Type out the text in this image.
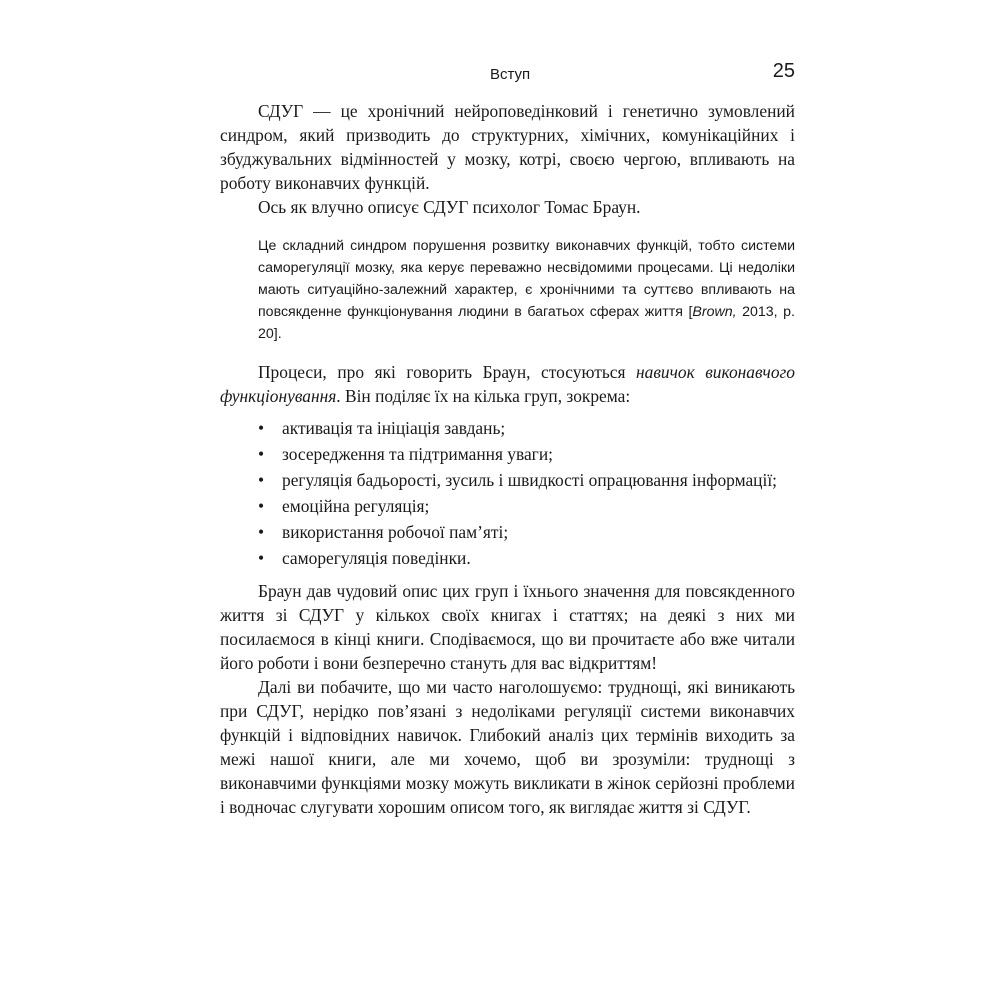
Вступ	25

СДУГ — це хронічний нейроповедінковий і генетично зумовлений синдром, який призводить до структурних, хімічних, комунікаційних і збуджувальних відмінностей у мозку, котрі, своєю чергою, впливають на роботу виконавчих функцій.

Ось як влучно описує СДУГ психолог Томас Браун.

Це складний синдром порушення розвитку виконавчих функцій, тобто системи саморегуляції мозку, яка керує переважно несвідомими процесами. Ці недоліки мають ситуаційно-залежний характер, є хронічними та суттєво впливають на повсякденне функціонування людини в багатьох сферах життя [Brown, 2013, p. 20].

Процеси, про які говорить Браун, стосуються навичок виконавчого функціонування. Він поділяє їх на кілька груп, зокрема:

• активація та ініціація завдань;
• зосередження та підтримання уваги;
• регуляція бадьорості, зусиль і швидкості опрацювання інформації;
• емоційна регуляція;
• використання робочої пам’яті;
• саморегуляція поведінки.

Браун дав чудовий опис цих груп і їхнього значення для повсякденного життя зі СДУГ у кількох своїх книгах і статтях; на деякі з них ми посилаємося в кінці книги. Сподіваємося, що ви прочитаєте або вже читали його роботи і вони безперечно стануть для вас відкриттям!

Далі ви побачите, що ми часто наголошуємо: труднощі, які виникають при СДУГ, нерідко пов’язані з недоліками регуляції системи виконавчих функцій і відповідних навичок. Глибокий аналіз цих термінів виходить за межі нашої книги, але ми хочемо, щоб ви зрозуміли: труднощі з виконавчими функціями мозку можуть викликати в жінок серйозні проблеми і водночас слугувати хорошим описом того, як виглядає життя зі СДУГ.
